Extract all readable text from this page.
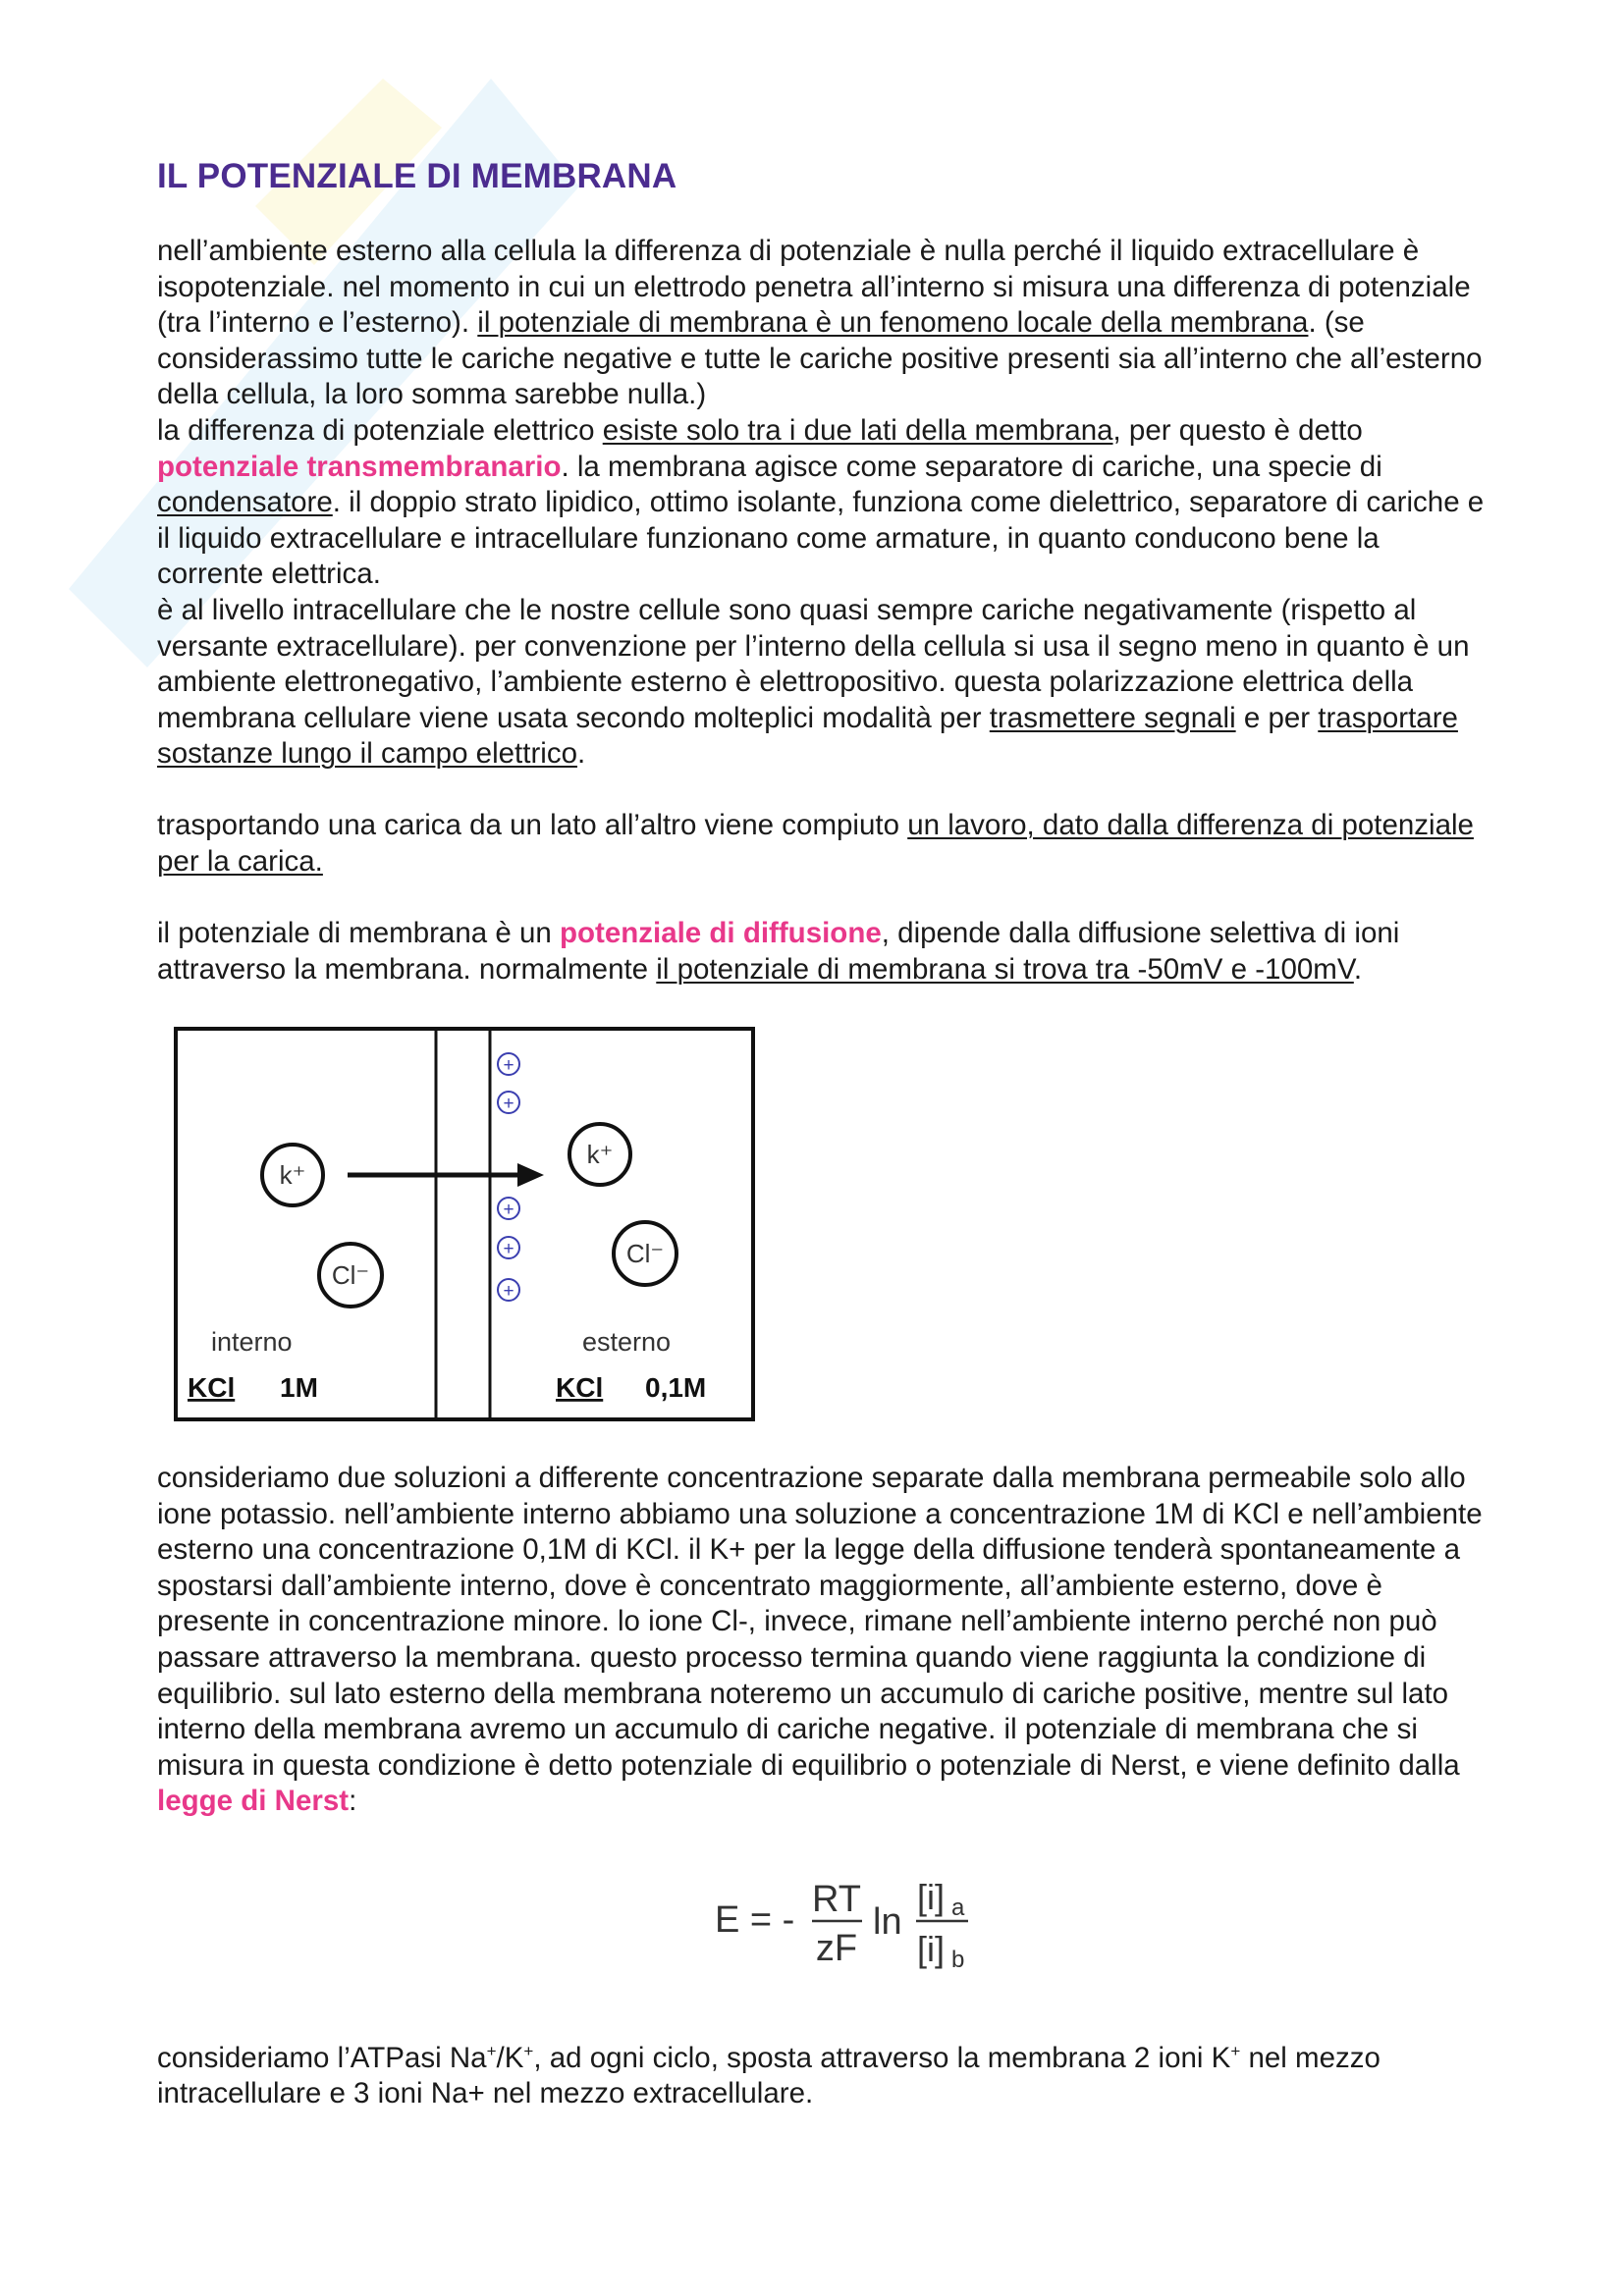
IL POTENZIALE DI MEMBRANA

nell’ambiente esterno alla cellula la differenza di potenziale è nulla perché il liquido extracellulare è isopotenziale. nel momento in cui un elettrodo penetra all’interno si misura una differenza di potenziale (tra l’interno e l’esterno). il potenziale di membrana è un fenomeno locale della membrana. (se considerassimo tutte le cariche negative e tutte le cariche positive presenti sia all’interno che all’esterno della cellula, la loro somma sarebbe nulla.)

la differenza di potenziale elettrico esiste solo tra i due lati della membrana, per questo è detto potenziale transmembranario. la membrana agisce come separatore di cariche, una specie di condensatore. il doppio strato lipidico, ottimo isolante, funziona come dielettrico, separatore di cariche e il liquido extracellulare e intracellulare funzionano come armature, in quanto conducono bene la corrente elettrica.

è al livello intracellulare che le nostre cellule sono quasi sempre cariche negativamente (rispetto al versante extracellulare). per convenzione per l’interno della cellula si usa il segno meno in quanto è un ambiente elettronegativo, l’ambiente esterno è elettropositivo. questa polarizzazione elettrica della membrana cellulare viene usata secondo molteplici modalità per trasmettere segnali e per trasportare sostanze lungo il campo elettrico.

trasportando una carica da un lato all’altro viene compiuto un lavoro, dato dalla differenza di potenziale per la carica.

il potenziale di membrana è un potenziale di diffusione, dipende dalla diffusione selettiva di ioni attraverso la membrana. normalmente il potenziale di membrana si trova tra -50mV e -100mV.

consideriamo due soluzioni a differente concentrazione separate dalla membrana permeabile solo allo ione potassio. nell’ambiente interno abbiamo una soluzione a concentrazione 1M di KCl e nell’ambiente esterno una concentrazione 0,1M di KCl. il K+ per la legge della diffusione tenderà spontaneamente a spostarsi dall’ambiente interno, dove è concentrato maggiormente, all’ambiente esterno, dove è presente in concentrazione minore. lo ione Cl-, invece, rimane nell’ambiente interno perché non può passare attraverso la membrana. questo processo termina quando viene raggiunta la condizione di equilibrio. sul lato esterno della membrana noteremo un accumulo di cariche positive, mentre sul lato interno della membrana avremo un accumulo di cariche negative. il potenziale di membrana che si misura in questa condizione è detto potenziale di equilibrio o potenziale di Nerst, e viene definito dalla legge di Nerst:

consideriamo l’ATPasi Na+/K+, ad ogni ciclo, sposta attraverso la membrana 2 ioni K+ nel mezzo intracellulare e 3 ioni Na+ nel mezzo extracellulare.

+
+
+
+
+
k⁺
Cl⁻
k⁺
Cl⁻
interno	esterno
KCl 1M	KCl 0,1M
E = - RT
zF
ln
[i] a
[i] b
